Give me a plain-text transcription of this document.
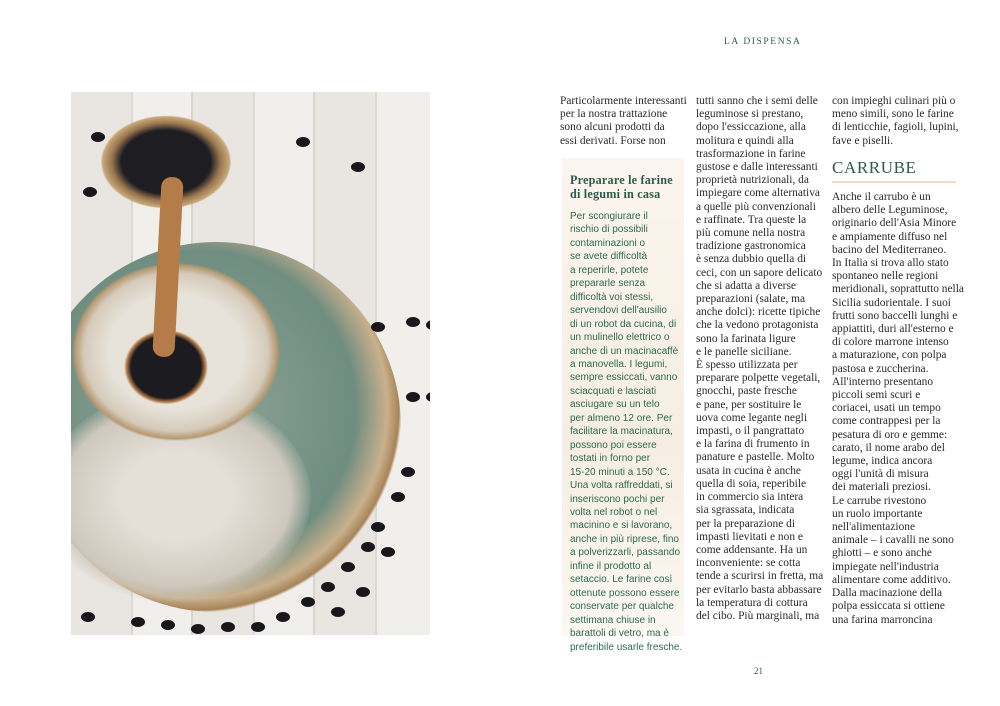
LA DISPENSA
Particolarmente interessanti
per la nostra trattazione
sono alcuni prodotti da
essi derivati. Forse non
Preparare le farine
di legumi in casa
Per scongiurare il
rischio di possibili
contaminazioni o
se avete difficoltà
a reperirle, potete
prepararle senza
difficoltà voi stessi,
servendovi dell'ausilio
di un robot da cucina, di
un mulinello elettrico o
anche di un macinacaffè
a manovella. I legumi,
sempre essiccati, vanno
sciacquati e lasciati
asciugare su un telo
per almeno 12 ore. Per
facilitare la macinatura,
possono poi essere
tostati in forno per
15-20 minuti a 150 °C.
Una volta raffreddati, si
inseriscono pochi per
volta nel robot o nel
macinino e si lavorano,
anche in più riprese, fino
a polverizzarli, passando
infine il prodotto al
setaccio. Le farine così
ottenute possono essere
conservate per qualche
settimana chiuse in
barattoli di vetro, ma è
preferibile usarle fresche.
tutti sanno che i semi delle
leguminose si prestano,
dopo l'essiccazione, alla
molitura e quindi alla
trasformazione in farine
gustose e dalle interessanti
proprietà nutrizionali, da
impiegare come alternativa
a quelle più convenzionali
e raffinate. Tra queste la
più comune nella nostra
tradizione gastronomica
è senza dubbio quella di
ceci, con un sapore delicato
che si adatta a diverse
preparazioni (salate, ma
anche dolci): ricette tipiche
che la vedono protagonista
sono la farinata ligure
e le panelle siciliane.
È spesso utilizzata per
preparare polpette vegetali,
gnocchi, paste fresche
e pane, per sostituire le
uova come legante negli
impasti, o il pangrattato
e la farina di frumento in
panature e pastelle. Molto
usata in cucina è anche
quella di soia, reperibile
in commercio sia intera
sia sgrassata, indicata
per la preparazione di
impasti lievitati e non e
come addensante. Ha un
inconveniente: se cotta
tende a scurirsi in fretta, ma
per evitarlo basta abbassare
la temperatura di cottura
del cibo. Più marginali, ma
con impieghi culinari più o
meno simili, sono le farine
di lenticchie, fagioli, lupini,
fave e piselli.
CARRUBE
Anche il carrubo è un
albero delle Leguminose,
originario dell'Asia Minore
e ampiamente diffuso nel
bacino del Mediterraneo.
In Italia si trova allo stato
spontaneo nelle regioni
meridionali, soprattutto nella
Sicilia sudorientale. I suoi
frutti sono baccelli lunghi e
appiattiti, duri all'esterno e
di colore marrone intenso
a maturazione, con polpa
pastosa e zuccherina.
All'interno presentano
piccoli semi scuri e
coriacei, usati un tempo
come contrappesi per la
pesatura di oro e gemme:
carato, il nome arabo del
legume, indica ancora
oggi l'unità di misura
dei materiali preziosi.
Le carrube rivestono
un ruolo importante
nell'alimentazione
animale – i cavalli ne sono
ghiotti – e sono anche
impiegate nell'industria
alimentare come additivo.
Dalla macinazione della
polpa essiccata si ottiene
una farina marroncina
21
